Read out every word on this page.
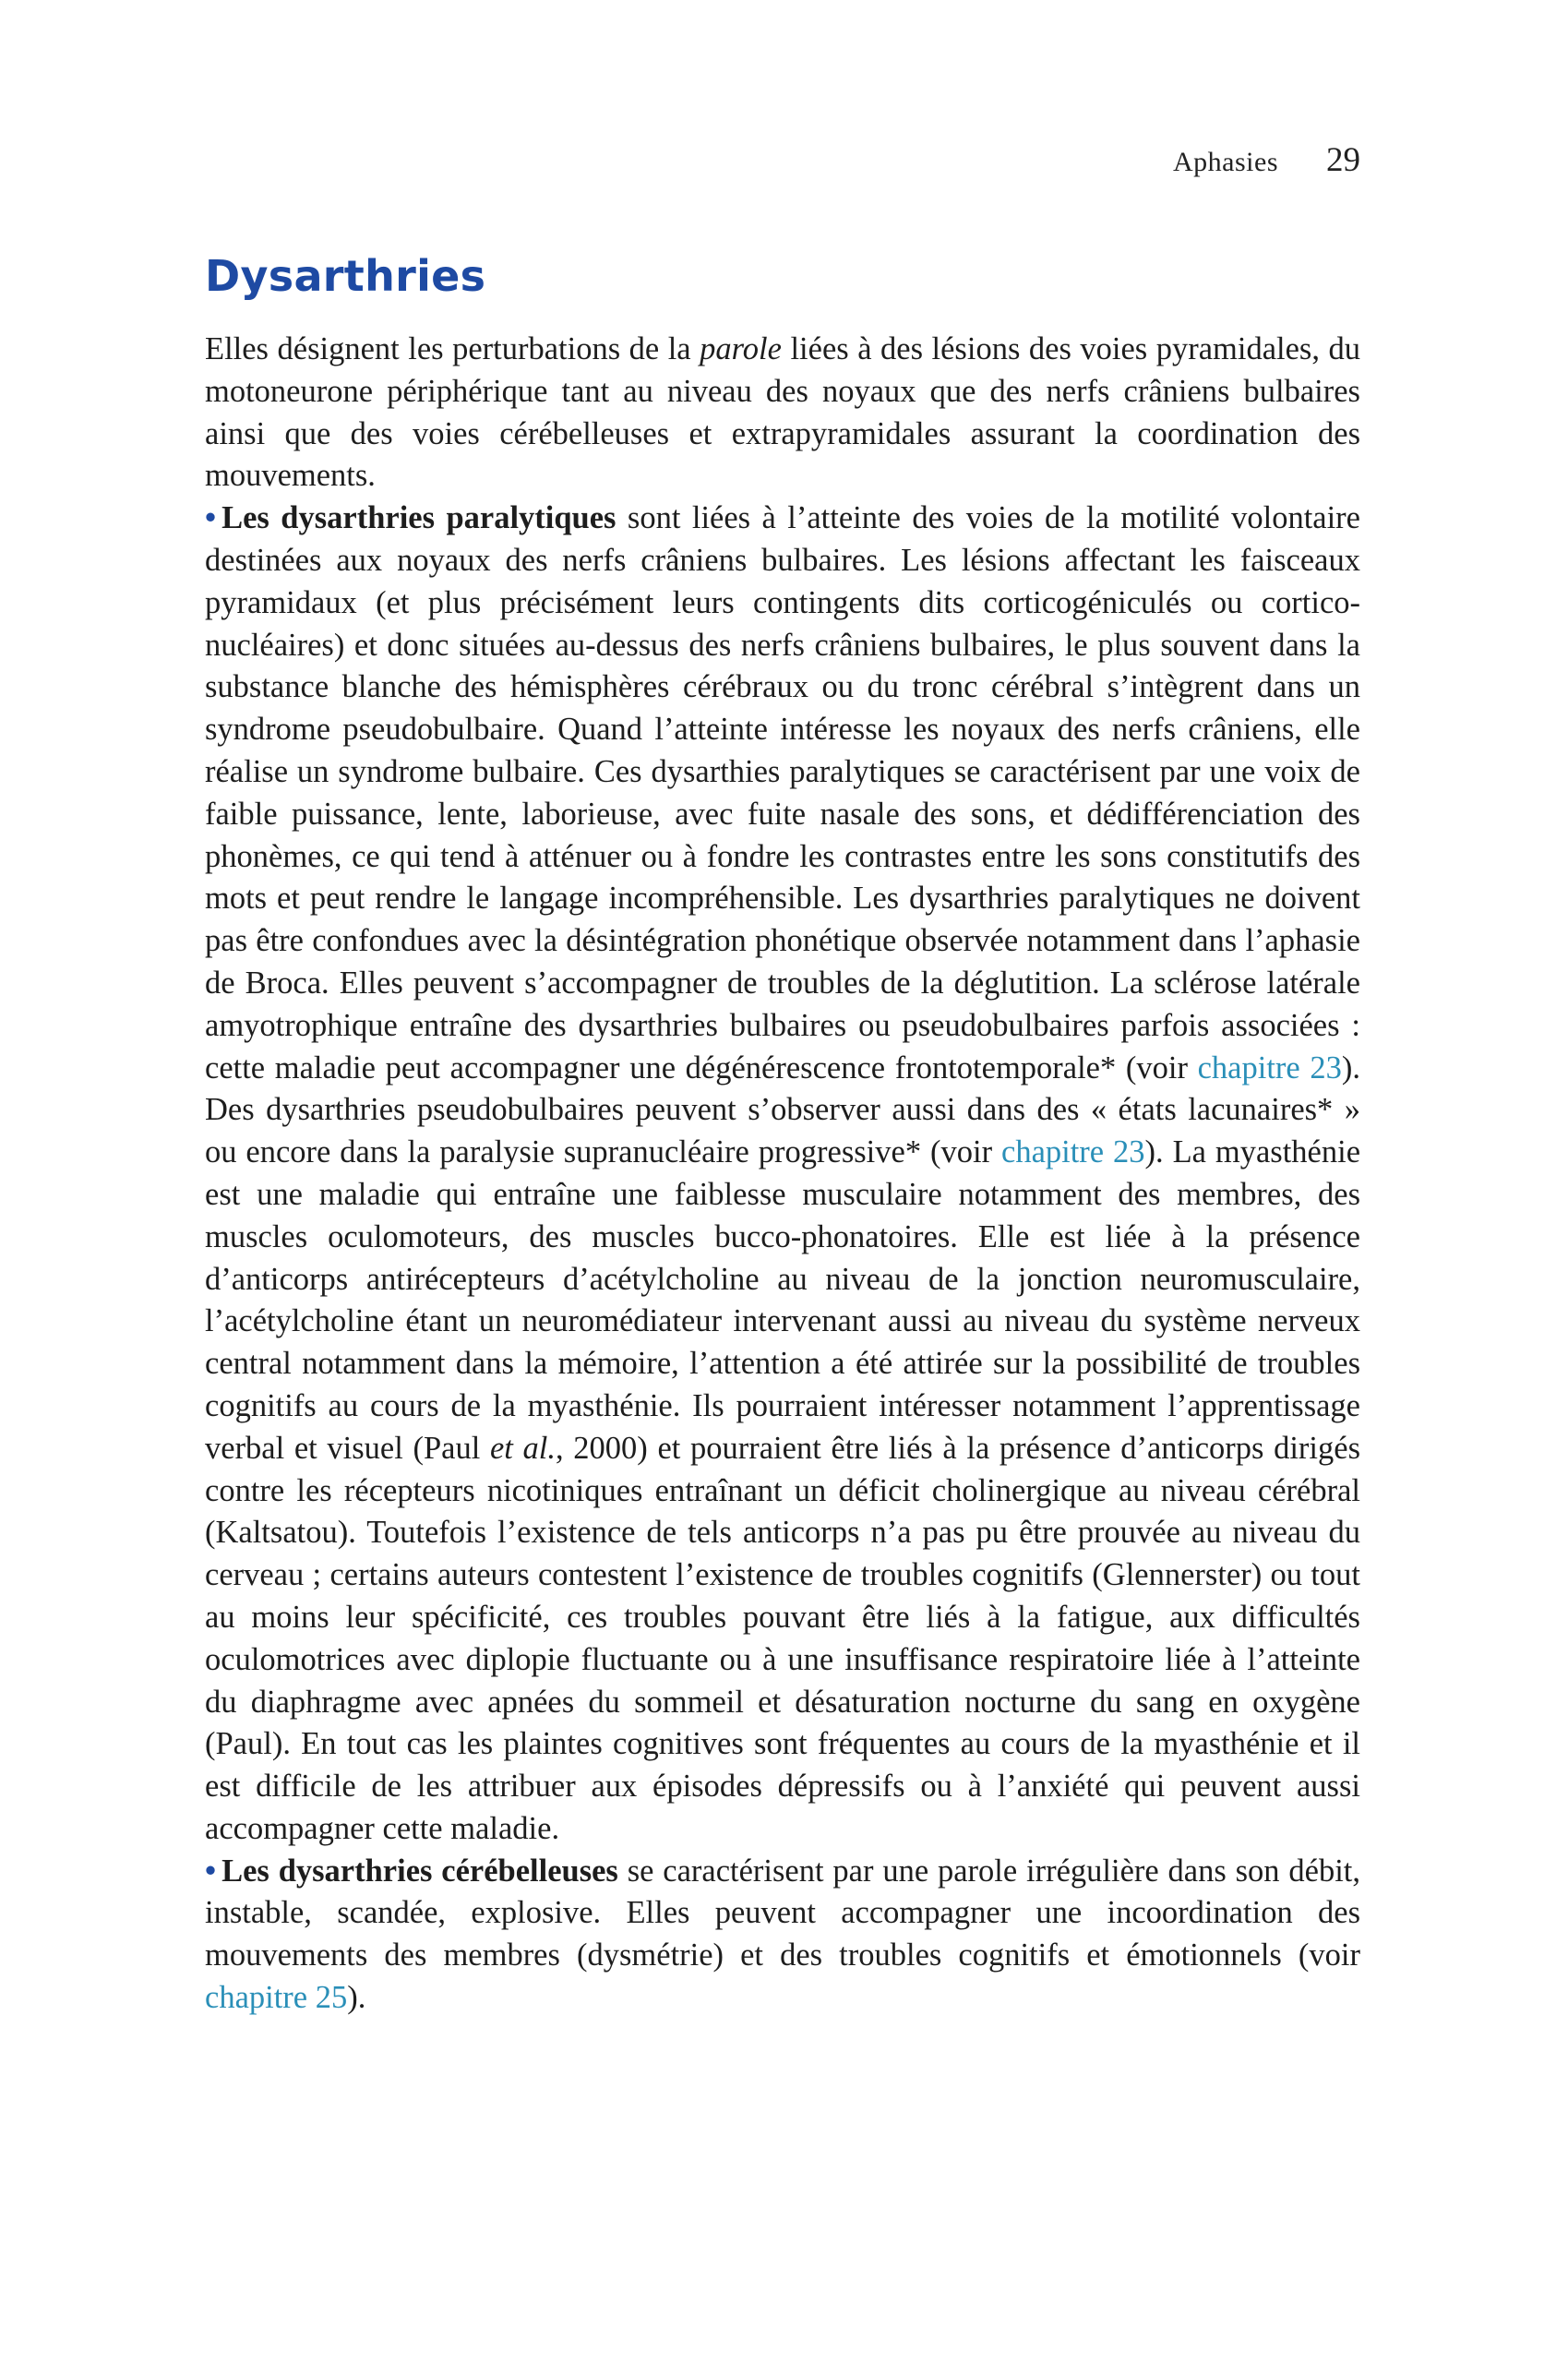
Aphasies 29
Dysarthries

Elles désignent les perturbations de la parole liées à des lésions des voies pyramidales, du motoneurone périphérique tant au niveau des noyaux que des nerfs crâniens bulbaires ainsi que des voies cérébelleuses et extrapyramidales assurant la coordination des mouvements.

• Les dysarthries paralytiques sont liées à l’atteinte des voies de la motilité volontaire destinées aux noyaux des nerfs crâniens bulbaires. Les lésions affectant les faisceaux pyramidaux (et plus précisément leurs contingents dits corticogéniculés ou cortico-nucléaires) et donc situées au-dessus des nerfs crâniens bulbaires, le plus souvent dans la substance blanche des hémisphères cérébraux ou du tronc cérébral s’intègrent dans un syndrome pseudobulbaire. Quand l’atteinte intéresse les noyaux des nerfs crâniens, elle réalise un syndrome bulbaire. Ces dysarthies paralytiques se caractérisent par une voix de faible puissance, lente, laborieuse, avec fuite nasale des sons, et dédifférenciation des phonèmes, ce qui tend à atténuer ou à fondre les contrastes entre les sons constitutifs des mots et peut rendre le langage incompréhensible. Les dysarthries paralytiques ne doivent pas être confondues avec la désintégration phonétique observée notamment dans l’aphasie de Broca. Elles peuvent s’accompagner de troubles de la déglutition. La sclérose latérale amyotrophique entraîne des dysarthries bulbaires ou pseudobulbaires parfois associées : cette maladie peut accompagner une dégénérescence frontotemporale* (voir chapitre 23). Des dysarthries pseudobulbaires peuvent s’observer aussi dans des « états lacunaires* » ou encore dans la paralysie supranucléaire progressive* (voir chapitre 23). La myasthénie est une maladie qui entraîne une faiblesse musculaire notamment des membres, des muscles oculomoteurs, des muscles bucco-phonatoires. Elle est liée à la présence d’anticorps antirécepteurs d’acétylcholine au niveau de la jonction neuromusculaire, l’acétylcholine étant un neuromédiateur intervenant aussi au niveau du système nerveux central notamment dans la mémoire, l’attention a été attirée sur la possibilité de troubles cognitifs au cours de la myasthénie. Ils pourraient intéresser notamment l’apprentissage verbal et visuel (Paul et al., 2000) et pourraient être liés à la présence d’anticorps dirigés contre les récepteurs nicotiniques entraînant un déficit cholinergique au niveau cérébral (Kaltsatou). Toutefois l’existence de tels anticorps n’a pas pu être prouvée au niveau du cerveau ; certains auteurs contestent l’existence de troubles cognitifs (Glennerster) ou tout au moins leur spécificité, ces troubles pouvant être liés à la fatigue, aux difficultés oculomotrices avec diplopie fluctuante ou à une insuffisance respiratoire liée à l’atteinte du diaphragme avec apnées du sommeil et désaturation nocturne du sang en oxygène (Paul). En tout cas les plaintes cognitives sont fréquentes au cours de la myasthénie et il est difficile de les attribuer aux épisodes dépressifs ou à l’anxiété qui peuvent aussi accompagner cette maladie.

• Les dysarthries cérébelleuses se caractérisent par une parole irrégulière dans son débit, instable, scandée, explosive. Elles peuvent accompagner une incoordination des mouvements des membres (dysmétrie) et des troubles cognitifs et émotionnels (voir chapitre 25).
